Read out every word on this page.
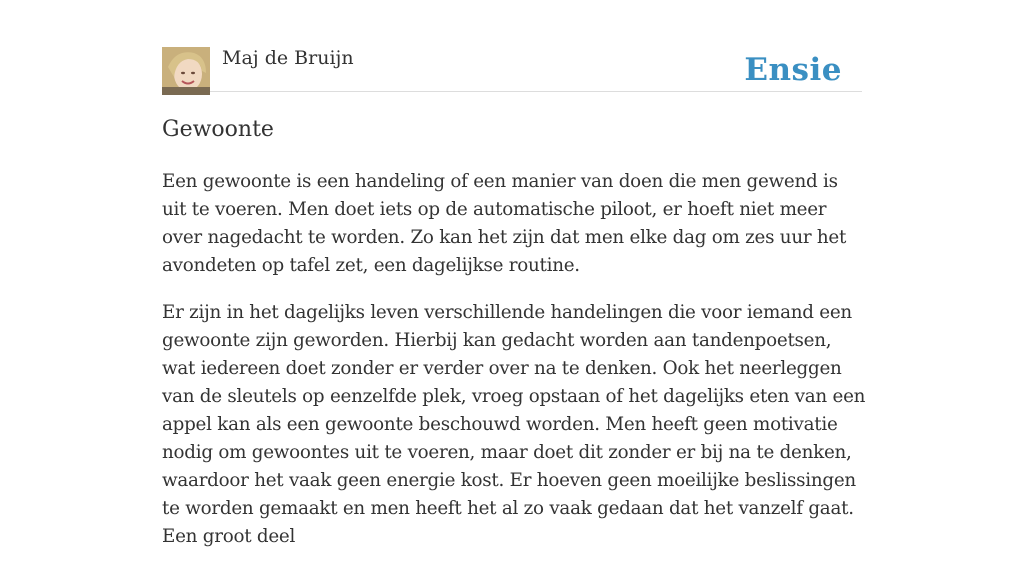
Maj de Bruijn	Ensie
Gewoonte

Een gewoonte is een handeling of een manier van doen die men gewend is uit te voeren. Men doet iets op de automatische piloot, er hoeft niet meer over nagedacht te worden. Zo kan het zijn dat men elke dag om zes uur het avondeten op tafel zet, een dagelijkse routine.

Er zijn in het dagelijks leven verschillende handelingen die voor iemand een gewoonte zijn geworden. Hierbij kan gedacht worden aan tandenpoetsen, wat iedereen doet zonder er verder over na te denken. Ook het neerleggen van de sleutels op eenzelfde plek, vroeg opstaan of het dagelijks eten van een appel kan als een gewoonte beschouwd worden. Men heeft geen motivatie nodig om gewoontes uit te voeren, maar doet dit zonder er bij na te denken, waardoor het vaak geen energie kost. Er hoeven geen moeilijke beslissingen te worden gemaakt en men heeft het al zo vaak gedaan dat het vanzelf gaat. Een groot deel
